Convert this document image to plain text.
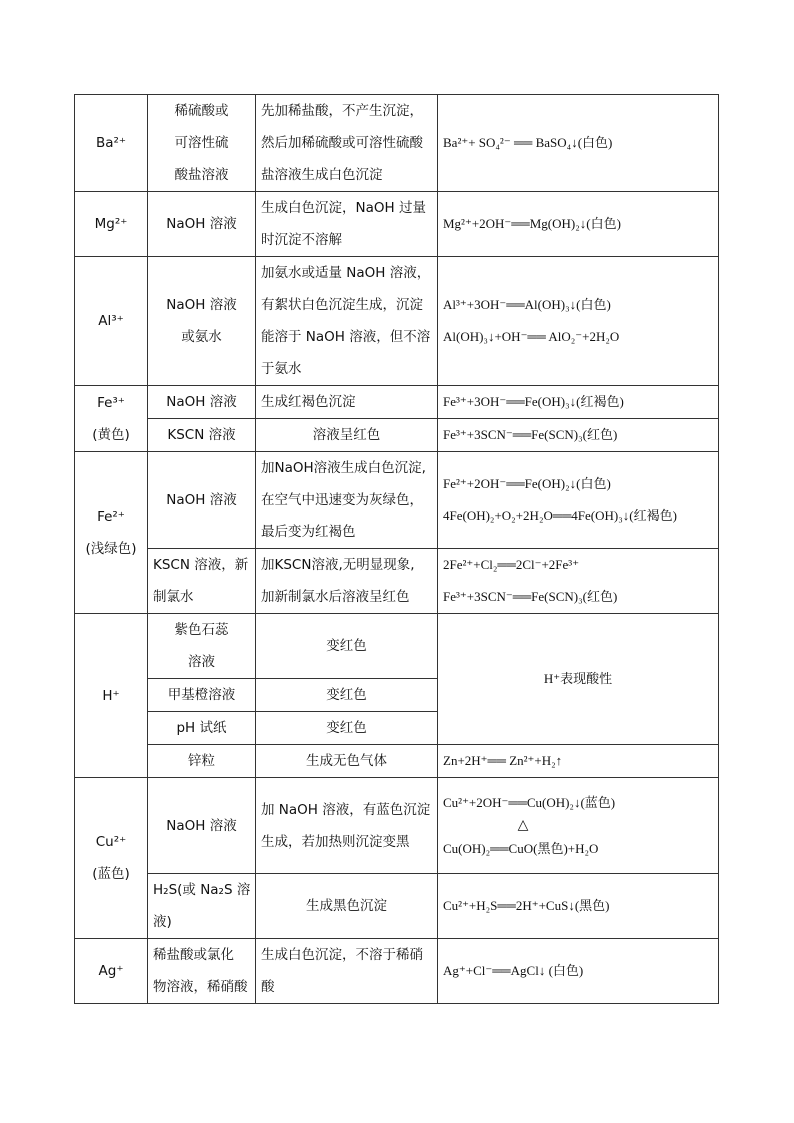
Ba²⁺	稀硫酸或
可溶性硫
酸盐溶液	先加稀盐酸，不产生沉淀，
然后加稀硫酸或可溶性硫酸
盐溶液生成白色沉淀	Ba²⁺+ SO₄²⁻ ══ BaSO₄↓(白色)

Mg²⁺	NaOH 溶液	生成白色沉淀，NaOH 过量
时沉淀不溶解	Mg²⁺+2OH⁻══Mg(OH)₂↓(白色)

Al³⁺	NaOH 溶液
或氨水	加氨水或适量 NaOH 溶液，
有絮状白色沉淀生成，沉淀
能溶于 NaOH 溶液，但不溶
于氨水	Al³⁺+3OH⁻══Al(OH)₃↓(白色)
Al(OH)₃↓+OH⁻══ AlO₂⁻+2H₂O

Fe³⁺
(黄色)	NaOH 溶液	生成红褐色沉淀	Fe³⁺+3OH⁻══Fe(OH)₃↓(红褐色)

	KSCN 溶液	溶液呈红色	Fe³⁺+3SCN⁻══Fe(SCN)₃(红色)

Fe²⁺
(浅绿色)	NaOH 溶液	加NaOH溶液生成白色沉淀,
在空气中迅速变为灰绿色，
最后变为红褐色	Fe²⁺+2OH⁻══Fe(OH)₂↓(白色)
4Fe(OH)₂+O₂+2H₂O══4Fe(OH)₃↓(红褐色)

	KSCN 溶液，新
制氯水	加KSCN溶液,无明显现象,
加新制氯水后溶液呈红色	2Fe²⁺+Cl₂══2Cl⁻+2Fe³⁺
Fe³⁺+3SCN⁻══Fe(SCN)₃(红色)

H⁺	紫色石蕊
溶液	变红色	H⁺表现酸性

	甲基橙溶液	变红色	

	pH 试纸	变红色	

	锌粒	生成无色气体	Zn+2H⁺══ Zn²⁺+H₂↑

Cu²⁺
(蓝色)	NaOH 溶液	加 NaOH 溶液，有蓝色沉淀
生成，若加热则沉淀变黑	Cu²⁺+2OH⁻══Cu(OH)₂↓(蓝色)
△
Cu(OH)₂══CuO(黑色)+H₂O

	H₂S(或 Na₂S 溶
液)	生成黑色沉淀	Cu²⁺+H₂S══2H⁺+CuS↓(黑色)

Ag⁺	稀盐酸或氯化
物溶液，稀硝酸	生成白色沉淀，不溶于稀硝
酸	Ag⁺+Cl⁻══AgCl↓ (白色)
